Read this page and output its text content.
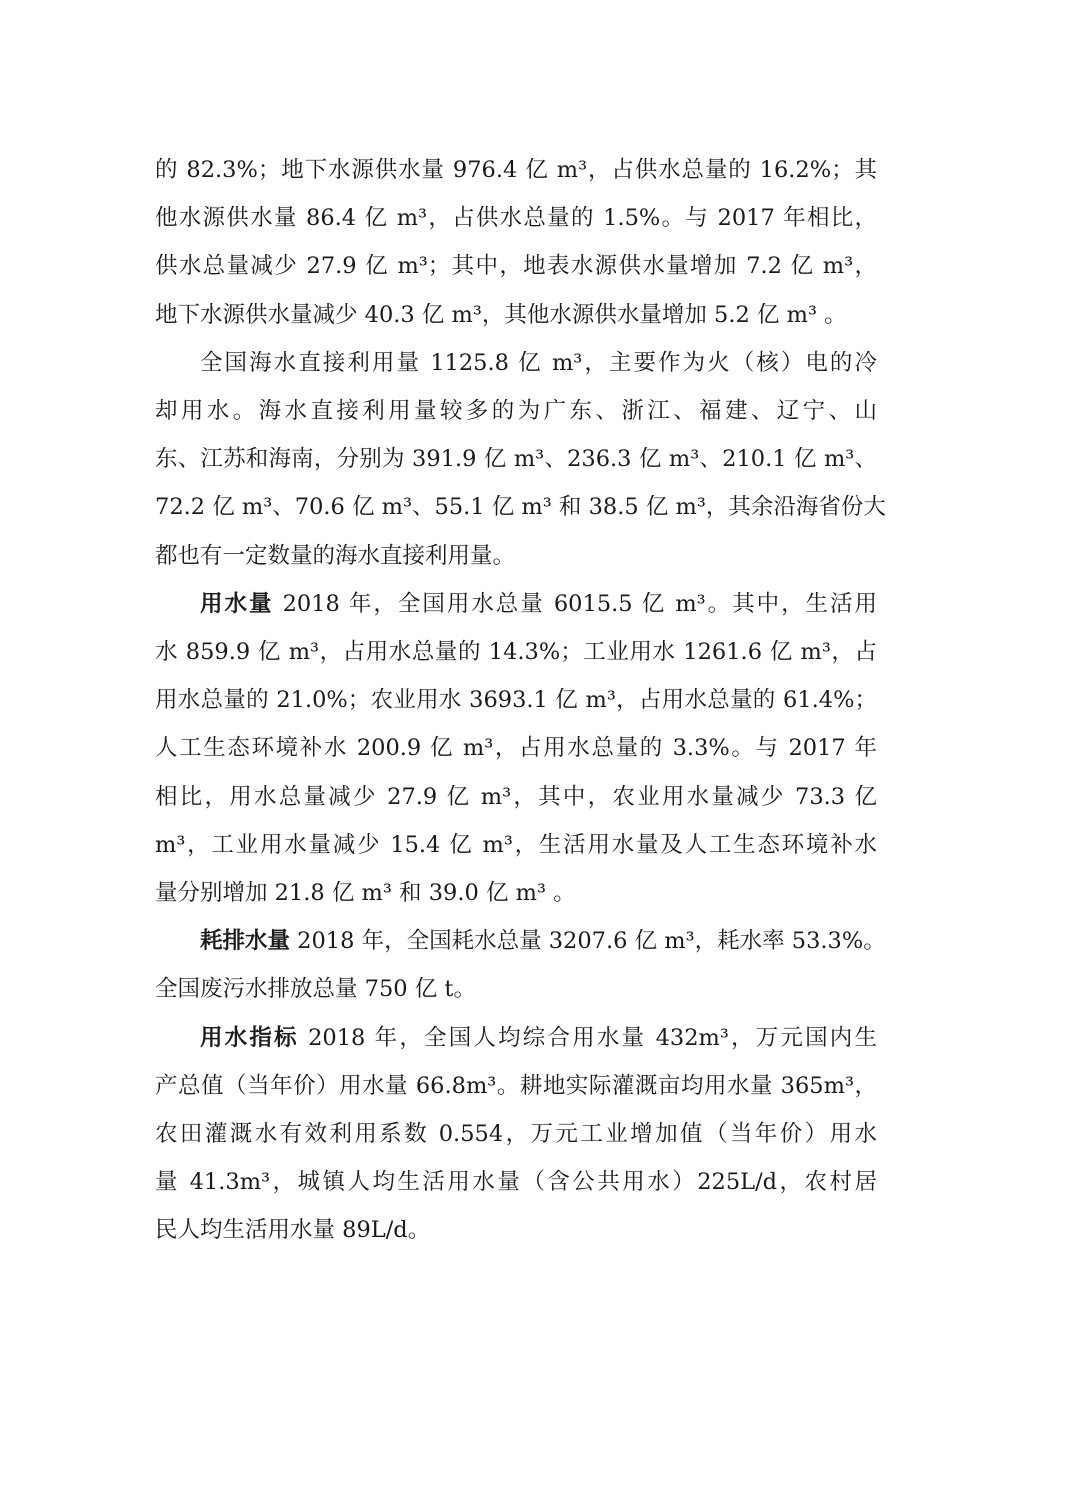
的 82.3%；地下水源供水量 976.4 亿 m³，占供水总量的 16.2%；其
他水源供水量 86.4 亿 m³，占供水总量的 1.5%。与 2017 年相比，
供水总量减少 27.9 亿 m³；其中，地表水源供水量增加 7.2 亿 m³，
地下水源供水量减少 40.3 亿 m³，其他水源供水量增加 5.2 亿 m³ 。
全国海水直接利用量 1125.8 亿 m³，主要作为火（核）电的冷
却用水。海水直接利用量较多的为广东、浙江、福建、辽宁、山
东、江苏和海南，分别为 391.9 亿 m³、236.3 亿 m³、210.1 亿 m³、
72.2 亿 m³、70.6 亿 m³、55.1 亿 m³ 和 38.5 亿 m³，其余沿海省份大
都也有一定数量的海水直接利用量。
用水量 2018 年，全国用水总量 6015.5 亿 m³。其中，生活用
水 859.9 亿 m³，占用水总量的 14.3%；工业用水 1261.6 亿 m³，占
用水总量的 21.0%；农业用水 3693.1 亿 m³，占用水总量的 61.4%；
人工生态环境补水 200.9 亿 m³，占用水总量的 3.3%。与 2017 年
相比，用水总量减少 27.9 亿 m³，其中，农业用水量减少 73.3 亿
m³，工业用水量减少 15.4 亿 m³，生活用水量及人工生态环境补水
量分别增加 21.8 亿 m³ 和 39.0 亿 m³ 。
耗排水量 2018 年，全国耗水总量 3207.6 亿 m³，耗水率 53.3%。
全国废污水排放总量 750 亿 t。
用水指标 2018 年，全国人均综合用水量 432m³，万元国内生
产总值（当年价）用水量 66.8m³。耕地实际灌溉亩均用水量 365m³，
农田灌溉水有效利用系数 0.554，万元工业增加值（当年价）用水
量 41.3m³，城镇人均生活用水量（含公共用水）225L/d，农村居
民人均生活用水量 89L/d。
